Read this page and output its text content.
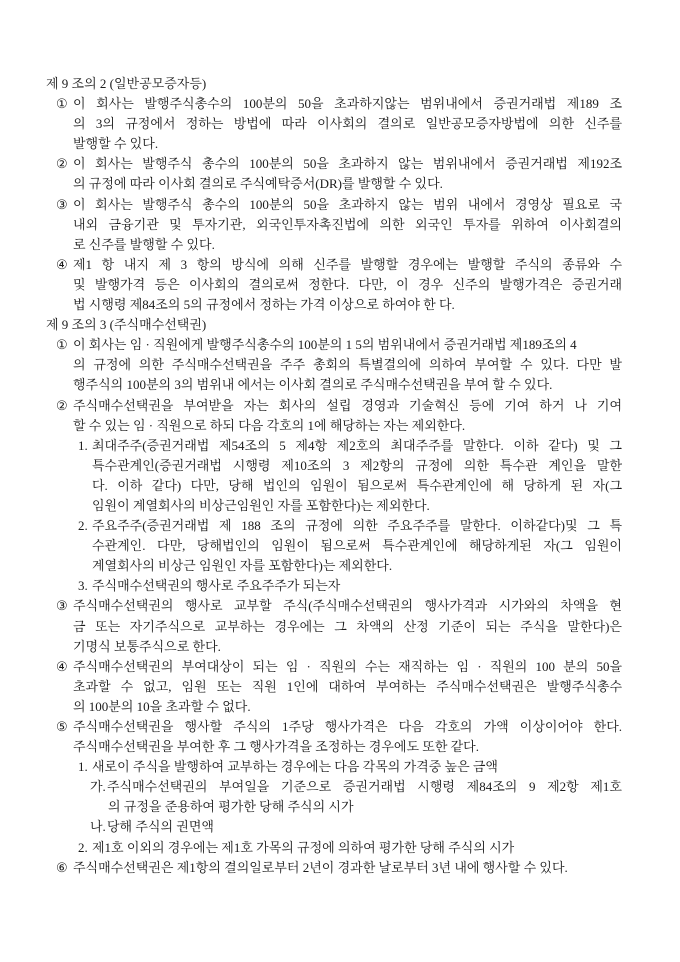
제 9 조의 2 (일반공모증자등)
① 이 회사는 발행주식총수의 100분의 50을 초과하지않는 범위내에서 증권거래법 제189 조
의 3의 규정에서 정하는 방법에 따라 이사회의 결의로 일반공모증자방법에 의한 신주를
발행할 수 있다.
② 이 회사는 발행주식 총수의 100분의 50을 초과하지 않는 범위내에서 증권거래법 제192조
의 규정에 따라 이사회 결의로 주식예탁증서(DR)를 발행할 수 있다.
③ 이 회사는 발행주식 총수의 100분의 50을 초과하지 않는 범위 내에서 경영상 필요로 국
내외 금융기관 및 투자기관, 외국인투자촉진법에 의한 외국인 투자를 위하여 이사회결의
로 신주를 발행할 수 있다.
④ 제1 항 내지 제 3 항의 방식에 의해 신주를 발행할 경우에는 발행할 주식의 종류와 수
및 발행가격 등은 이사회의 결의로써 정한다. 다만, 이 경우 신주의 발행가격은 증권거래
법 시행령 제84조의 5의 규정에서 정하는 가격 이상으로 하여야 한 다.
제 9 조의 3 (주식매수선택권)
① 이 회사는 임 · 직원에게 발행주식총수의 100분의 1 5의 범위내에서 증권거래법 제189조의 4
의 규정에 의한 주식매수선택권을 주주 총회의 특별결의에 의하여 부여할 수 있다. 다만 발
행주식의 100분의 3의 범위내 에서는 이사회 결의로 주식매수선택권을 부여 할 수 있다.
② 주식매수선택권을 부여받을 자는 회사의 설립 경영과 기술혁신 등에 기여 하거 나 기여
할 수 있는 임 · 직원으로 하되 다음 각호의 1에 해당하는 자는 제외한다.
1. 최대주주(증권거래법 제54조의 5 제4항 제2호의 최대주주를 말한다. 이하 같다) 및 그
특수관계인(증권거래법 시행령 제10조의 3 제2항의 규정에 의한 특수관 계인을 말한
다. 이하 같다) 다만, 당해 법인의 임원이 됨으로써 특수관계인에 해 당하게 된 자(그
임원이 계열회사의 비상근임원인 자를 포함한다)는 제외한다.
2. 주요주주(증권거래법 제 188 조의 규정에 의한 주요주주를 말한다. 이하같다)및 그 특
수관계인. 다만, 당해법인의 임원이 됨으로써 특수관계인에 해당하게된 자(그 임원이
계열회사의 비상근 임원인 자를 포함한다)는 제외한다.
3. 주식매수선택권의 행사로 주요주주가 되는자
③ 주식매수선택권의 행사로 교부할 주식(주식매수선택권의 행사가격과 시가와의 차액을 현
금 또는 자기주식으로 교부하는 경우에는 그 차액의 산정 기준이 되는 주식을 말한다)은
기명식 보통주식으로 한다.
④ 주식매수선택권의 부여대상이 되는 임 · 직원의 수는 재직하는 임 · 직원의 100 분의 50을
초과할 수 없고, 임원 또는 직원 1인에 대하여 부여하는 주식매수선택권은 발행주식총수
의 100분의 10을 초과할 수 없다.
⑤ 주식매수선택권을 행사할 주식의 1주당 행사가격은 다음 각호의 가액 이상이어야 한다.
주식매수선택권을 부여한 후 그 행사가격을 조정하는 경우에도 또한 같다.
1. 새로이 주식을 발행하여 교부하는 경우에는 다음 각목의 가격중 높은 금액
가. 주식매수선택권의 부여일을 기준으로 증권거래법 시행령 제84조의 9 제2항 제1호
의 규정을 준용하여 평가한 당해 주식의 시가
나. 당해 주식의 권면액
2. 제1호 이외의 경우에는 제1호 가목의 규정에 의하여 평가한 당해 주식의 시가
⑥ 주식매수선택권은 제1항의 결의일로부터 2년이 경과한 날로부터 3년 내에 행사할 수 있다.
